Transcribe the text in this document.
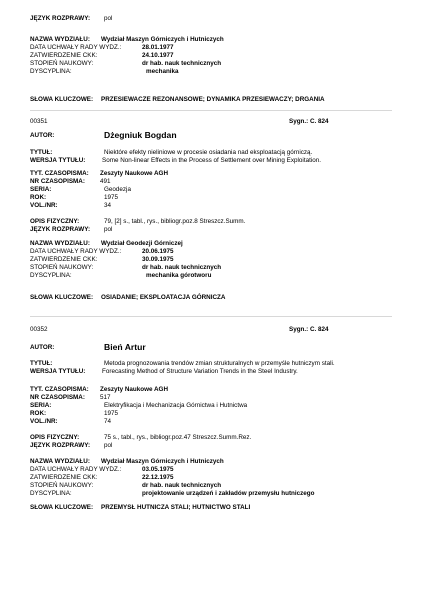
JĘZYK ROZPRAWY: pol
NAZWA WYDZIAŁU: Wydział Maszyn Górniczych i Hutniczych
DATA UCHWAŁY RADY WYDZ.:	28.01.1977
ZATWIERDZENIE CKK:	24.10.1977
STOPIEŃ NAUKOWY:	dr hab. nauk technicznych
DYSCYPLINA:	mechanika
SŁOWA KLUCZOWE: PRZESIEWACZE REZONANSOWE; DYNAMIKA PRZESIEWACZY; DRGANIA
00351	Sygn.: C. 824
AUTOR:	Dżegniuk Bogdan
TYTUŁ:	Niektóre efekty nieliniowe w procesie osiadania nad eksploatacją górniczą.
WERSJA TYTUŁU:	Some Non-linear Effects in the Process of Settlement over Mining Exploitation.
TYT. CZASOPISMA: Zeszyty Naukowe AGH
NR CZASOPISMA: 491
SERIA:	Geodezja
ROK:	1975
VOL./NR:	34
OPIS FIZYCZNY:	79, [2] s., tabl., rys., bibliogr.poz.8 Streszcz.Summ.
JĘZYK ROZPRAWY: pol
NAZWA WYDZIAŁU: Wydział Geodezji Górniczej
DATA UCHWAŁY RADY WYDZ.:	20.06.1975
ZATWIERDZENIE CKK:	30.09.1975
STOPIEŃ NAUKOWY:	dr hab. nauk technicznych
DYSCYPLINA:	mechanika górotworu
SŁOWA KLUCZOWE: OSIADANIE; EKSPLOATACJA GÓRNICZA
00352	Sygn.: C. 824
AUTOR:	Bień Artur
TYTUŁ:	Metoda prognozowania trendów zmian strukturalnych w przemyśle hutniczym stali.
WERSJA TYTUŁU:	Forecasting Method of Structure Variation Trends in the Steel Industry.
TYT. CZASOPISMA: Zeszyty Naukowe AGH
NR CZASOPISMA: 517
SERIA:	Elektryfikacja i Mechanizacja Górnictwa i Hutnictwa
ROK:	1975
VOL./NR:	74
OPIS FIZYCZNY:	75 s., tabl., rys., bibliogr.poz.47 Streszcz.Summ.Rez.
JĘZYK ROZPRAWY: pol
NAZWA WYDZIAŁU: Wydział Maszyn Górniczych i Hutniczych
DATA UCHWAŁY RADY WYDZ.:	03.05.1975
ZATWIERDZENIE CKK:	22.12.1975
STOPIEŃ NAUKOWY:	dr hab. nauk technicznych
DYSCYPLINA:	projektowanie urządzeń i zakładów przemysłu hutniczego
SŁOWA KLUCZOWE: PRZEMYSŁ HUTNICZA STALI; HUTNICTWO STALI
